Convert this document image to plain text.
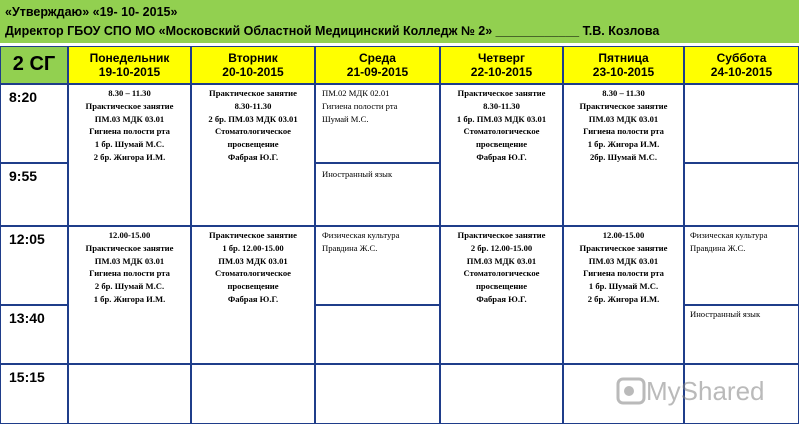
«Утверждаю» «19- 10- 2015»
Директор ГБОУ СПО МО «Московский Областной Медицинский Колледж № 2» ____________ Т.В. Козлова
2 СГ	Понедельник
19-10-2015
Вторник
20-10-2015
Среда
21-09-2015
Четверг
22-10-2015
Пятница
23-10-2015
Суббота
24-10-2015
8:20
9:55
12:05
13:40
15:15
8.30 – 11.30
Практическое занятие
ПМ.03 МДК 03.01
Гигиена полости рта
1 бр. Шумай М.С.
2 бр. Жигора И.М.
12.00-15.00
Практическое занятие
ПМ.03 МДК 03.01
Гигиена полости рта
2 бр. Шумай М.С.
1 бр. Жигора И.М.
Практическое занятие
8.30-11.30
2 бр. ПМ.03 МДК 03.01
Стоматологическое
просвещение
Фабрая Ю.Г.
Практическое занятие
1 бр. 12.00-15.00
ПМ.03 МДК 03.01
Стоматологическое
просвещение
Фабрая Ю.Г.
ПМ.02 МДК 02.01
Гигиена полости рта
Шумай М.С.
Иностранный язык
Физическая культура
Правдина Ж.С.
Практическое занятие
8.30-11.30
1 бр. ПМ.03 МДК 03.01
Стоматологическое
просвещение
Фабрая Ю.Г.
Практическое занятие
2 бр. 12.00-15.00
ПМ.03 МДК 03.01
Стоматологическое
просвещение
Фабрая Ю.Г.
8.30 – 11.30
Практическое занятие
ПМ.03 МДК 03.01
Гигиена полости рта
1 бр. Жигора И.М.
2бр. Шумай М.С.
12.00-15.00
Практическое занятие
ПМ.03 МДК 03.01
Гигиена полости рта
1 бр. Шумай М.С.
2 бр. Жигора И.М.
Физическая культура
Правдина Ж.С.
Иностранный язык
MyShared
